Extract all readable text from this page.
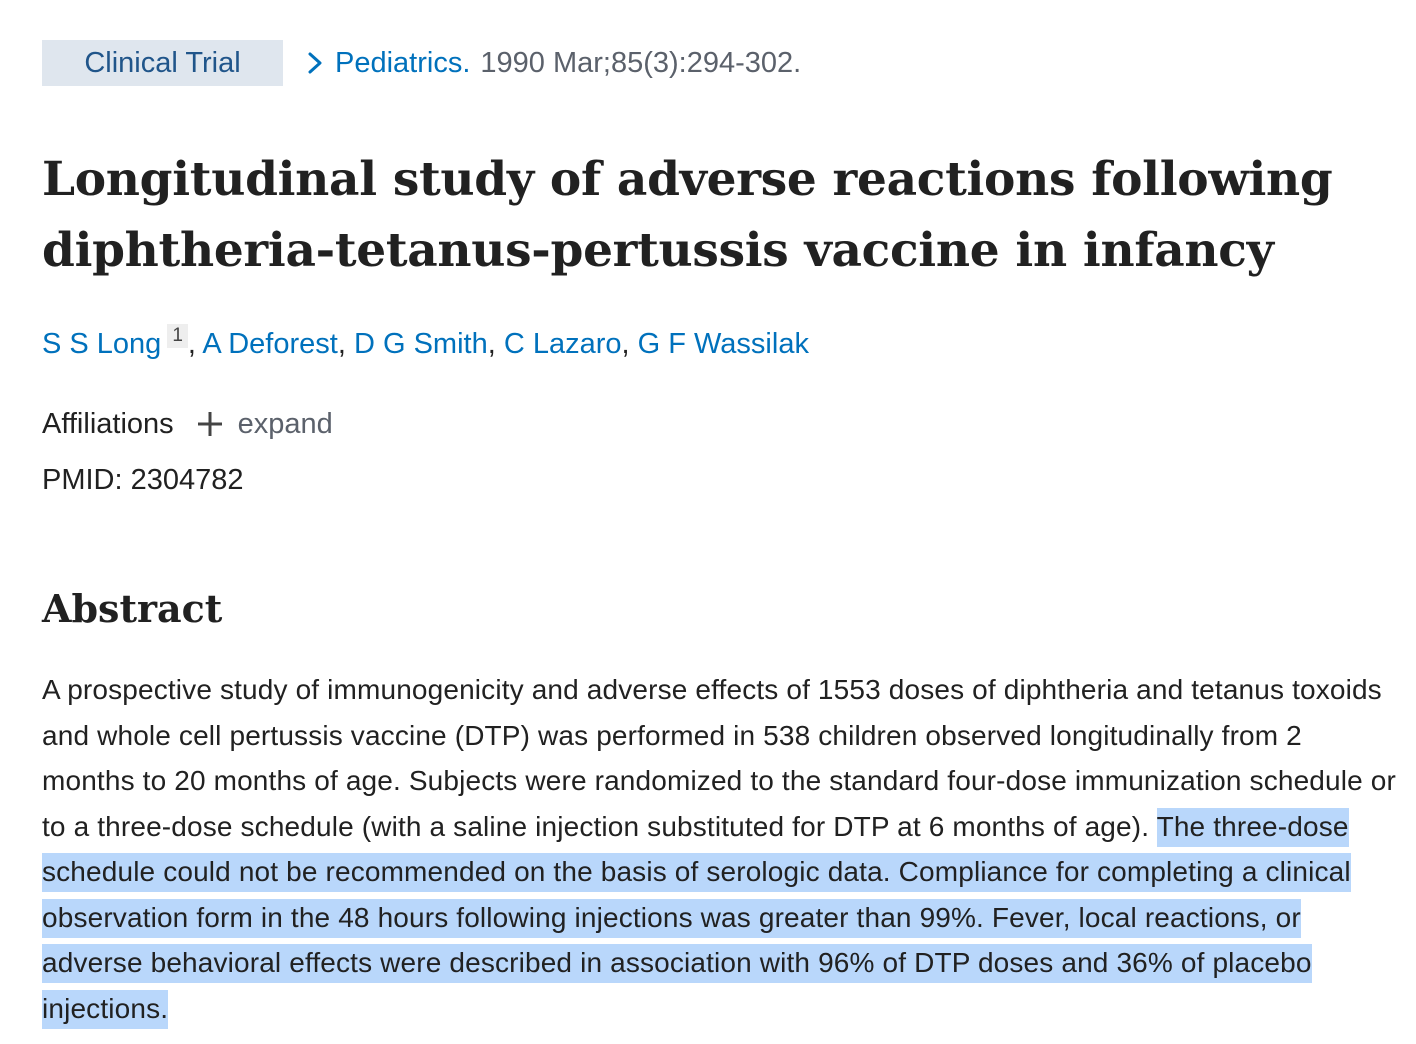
Clinical Trial	Pediatrics. 1990 Mar;85(3):294-302.
Longitudinal study of adverse reactions following
diphtheria-tetanus-pertussis vaccine in infancy
S S Long 1 , A Deforest, D G Smith, C Lazaro, G F Wassilak
Affiliations expand
PMID: 2304782
Abstract

A prospective study of immunogenicity and adverse effects of 1553 doses of diphtheria and tetanus toxoids and whole cell pertussis vaccine (DTP) was performed in 538 children observed longitudinally from 2 months to 20 months of age. Subjects were randomized to the standard four-dose immunization schedule or to a three-dose schedule (with a saline injection substituted for DTP at 6 months of age). The three-dose schedule could not be recommended on the basis of serologic data. Compliance for completing a clinical observation form in the 48 hours following injections was greater than 99%. Fever, local reactions, or adverse behavioral effects were described in association with 96% of DTP doses and 36% of placebo injections.
